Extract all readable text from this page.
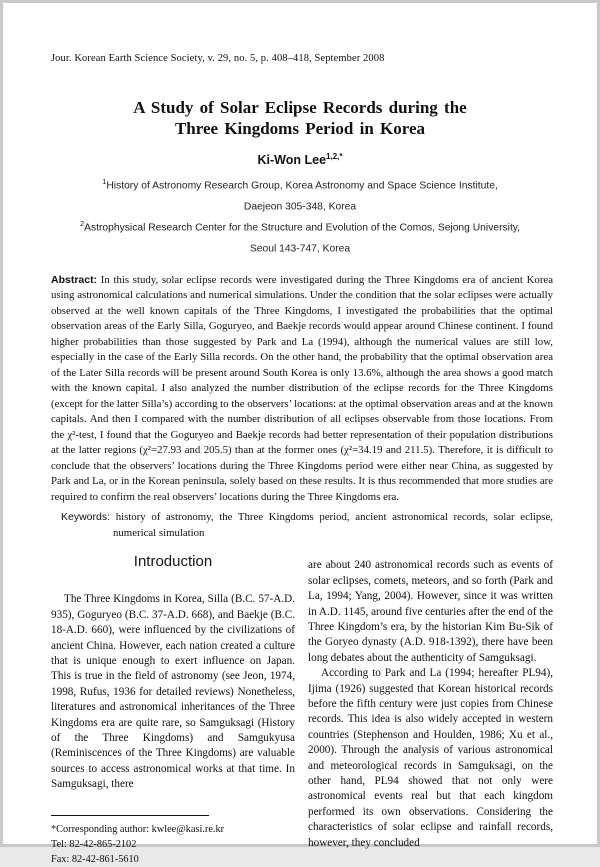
Jour. Korean Earth Science Society, v. 29, no. 5, p. 408–418, September 2008
A Study of Solar Eclipse Records during the
Three Kingdoms Period in Korea
Ki-Won Lee$^{1,2,*}$
$^1$History of Astronomy Research Group, Korea Astronomy and Space Science Institute,
Daejeon 305-348, Korea
$^2$Astrophysical Research Center for the Structure and Evolution of the Comos, Sejong University,
Seoul 143-747, Korea

Abstract: In this study, solar eclipse records were investigated during the Three Kingdoms era of ancient Korea using astronomical calculations and numerical simulations. Under the condition that the solar eclipses were actually observed at the well known capitals of the Three Kingdoms, I investigated the probabilities that the optimal observation areas of the Early Silla, Goguryeo, and Baekje records would appear around Chinese continent. I found higher probabilities than those suggested by Park and La (1994), although the numerical values are still low, especially in the case of the Early Silla records. On the other hand, the probability that the optimal observation area of the Later Silla records will be present around South Korea is only 13.6%, although the area shows a good match with the known capital. I also analyzed the number distribution of the eclipse records for the Three Kingdoms (except for the latter Silla’s) according to the observers’ locations: at the optimal observation areas and at the known capitals. And then I compared with the number distribution of all eclipses observable from those locations. From the χ²-test, I found that the Goguryeo and Baekje records had better representation of their population distributions at the latter regions (χ²=27.93 and 205.5) than at the former ones (χ²=34.19 and 211.5). Therefore, it is difficult to conclude that the observers’ locations during the Three Kingdoms period were either near China, as suggested by Park and La, or in the Korean peninsula, solely based on these results. It is thus recommended that more studies are required to confirm the real observers’ locations during the Three Kingdoms era.

Keywords: history of astronomy, the Three Kingdoms period, ancient astronomical records, solar eclipse, numerical simulation

Introduction

The Three Kingdoms in Korea, Silla (B.C. 57-A.D. 935), Goguryeo (B.C. 37-A.D. 668), and Baekje (B.C. 18-A.D. 660), were influenced by the civilizations of ancient China. However, each nation created a culture that is unique enough to exert influence on Japan. This is true in the field of astronomy (see Jeon, 1974, 1998, Rufus, 1936 for detailed reviews) Nonetheless, literatures and astronomical inheritances of the Three Kingdoms era are quite rare, so Samguksagi (History of the Three Kingdoms) and Samgukyusa (Reminiscences of the Three Kingdoms) are valuable sources to access astronomical works at that time. In Samguksagi, there

*Corresponding author: kwlee@kasi.re.kr
Tel: 82-42-865-2102
Fax: 82-42-861-5610

are about 240 astronomical records such as events of solar eclipses, comets, meteors, and so forth (Park and La, 1994; Yang, 2004). However, since it was written in A.D. 1145, around five centuries after the end of the Three Kingdom’s era, by the historian Kim Bu-Sik of the Goryeo dynasty (A.D. 918-1392), there have been long debates about the authenticity of Samguksagi.

According to Park and La (1994; hereafter PL94), Ijima (1926) suggested that Korean historical records before the fifth century were just copies from Chinese records. This idea is also widely accepted in western countries (Stephenson and Houlden, 1986; Xu et al., 2000). Through the analysis of various astronomical and meteorological records in Samguksagi, on the other hand, PL94 showed that not only were astronomical events real but that each kingdom performed its own observations. Considering the characteristics of solar eclipse and rainfall records, however, they concluded
